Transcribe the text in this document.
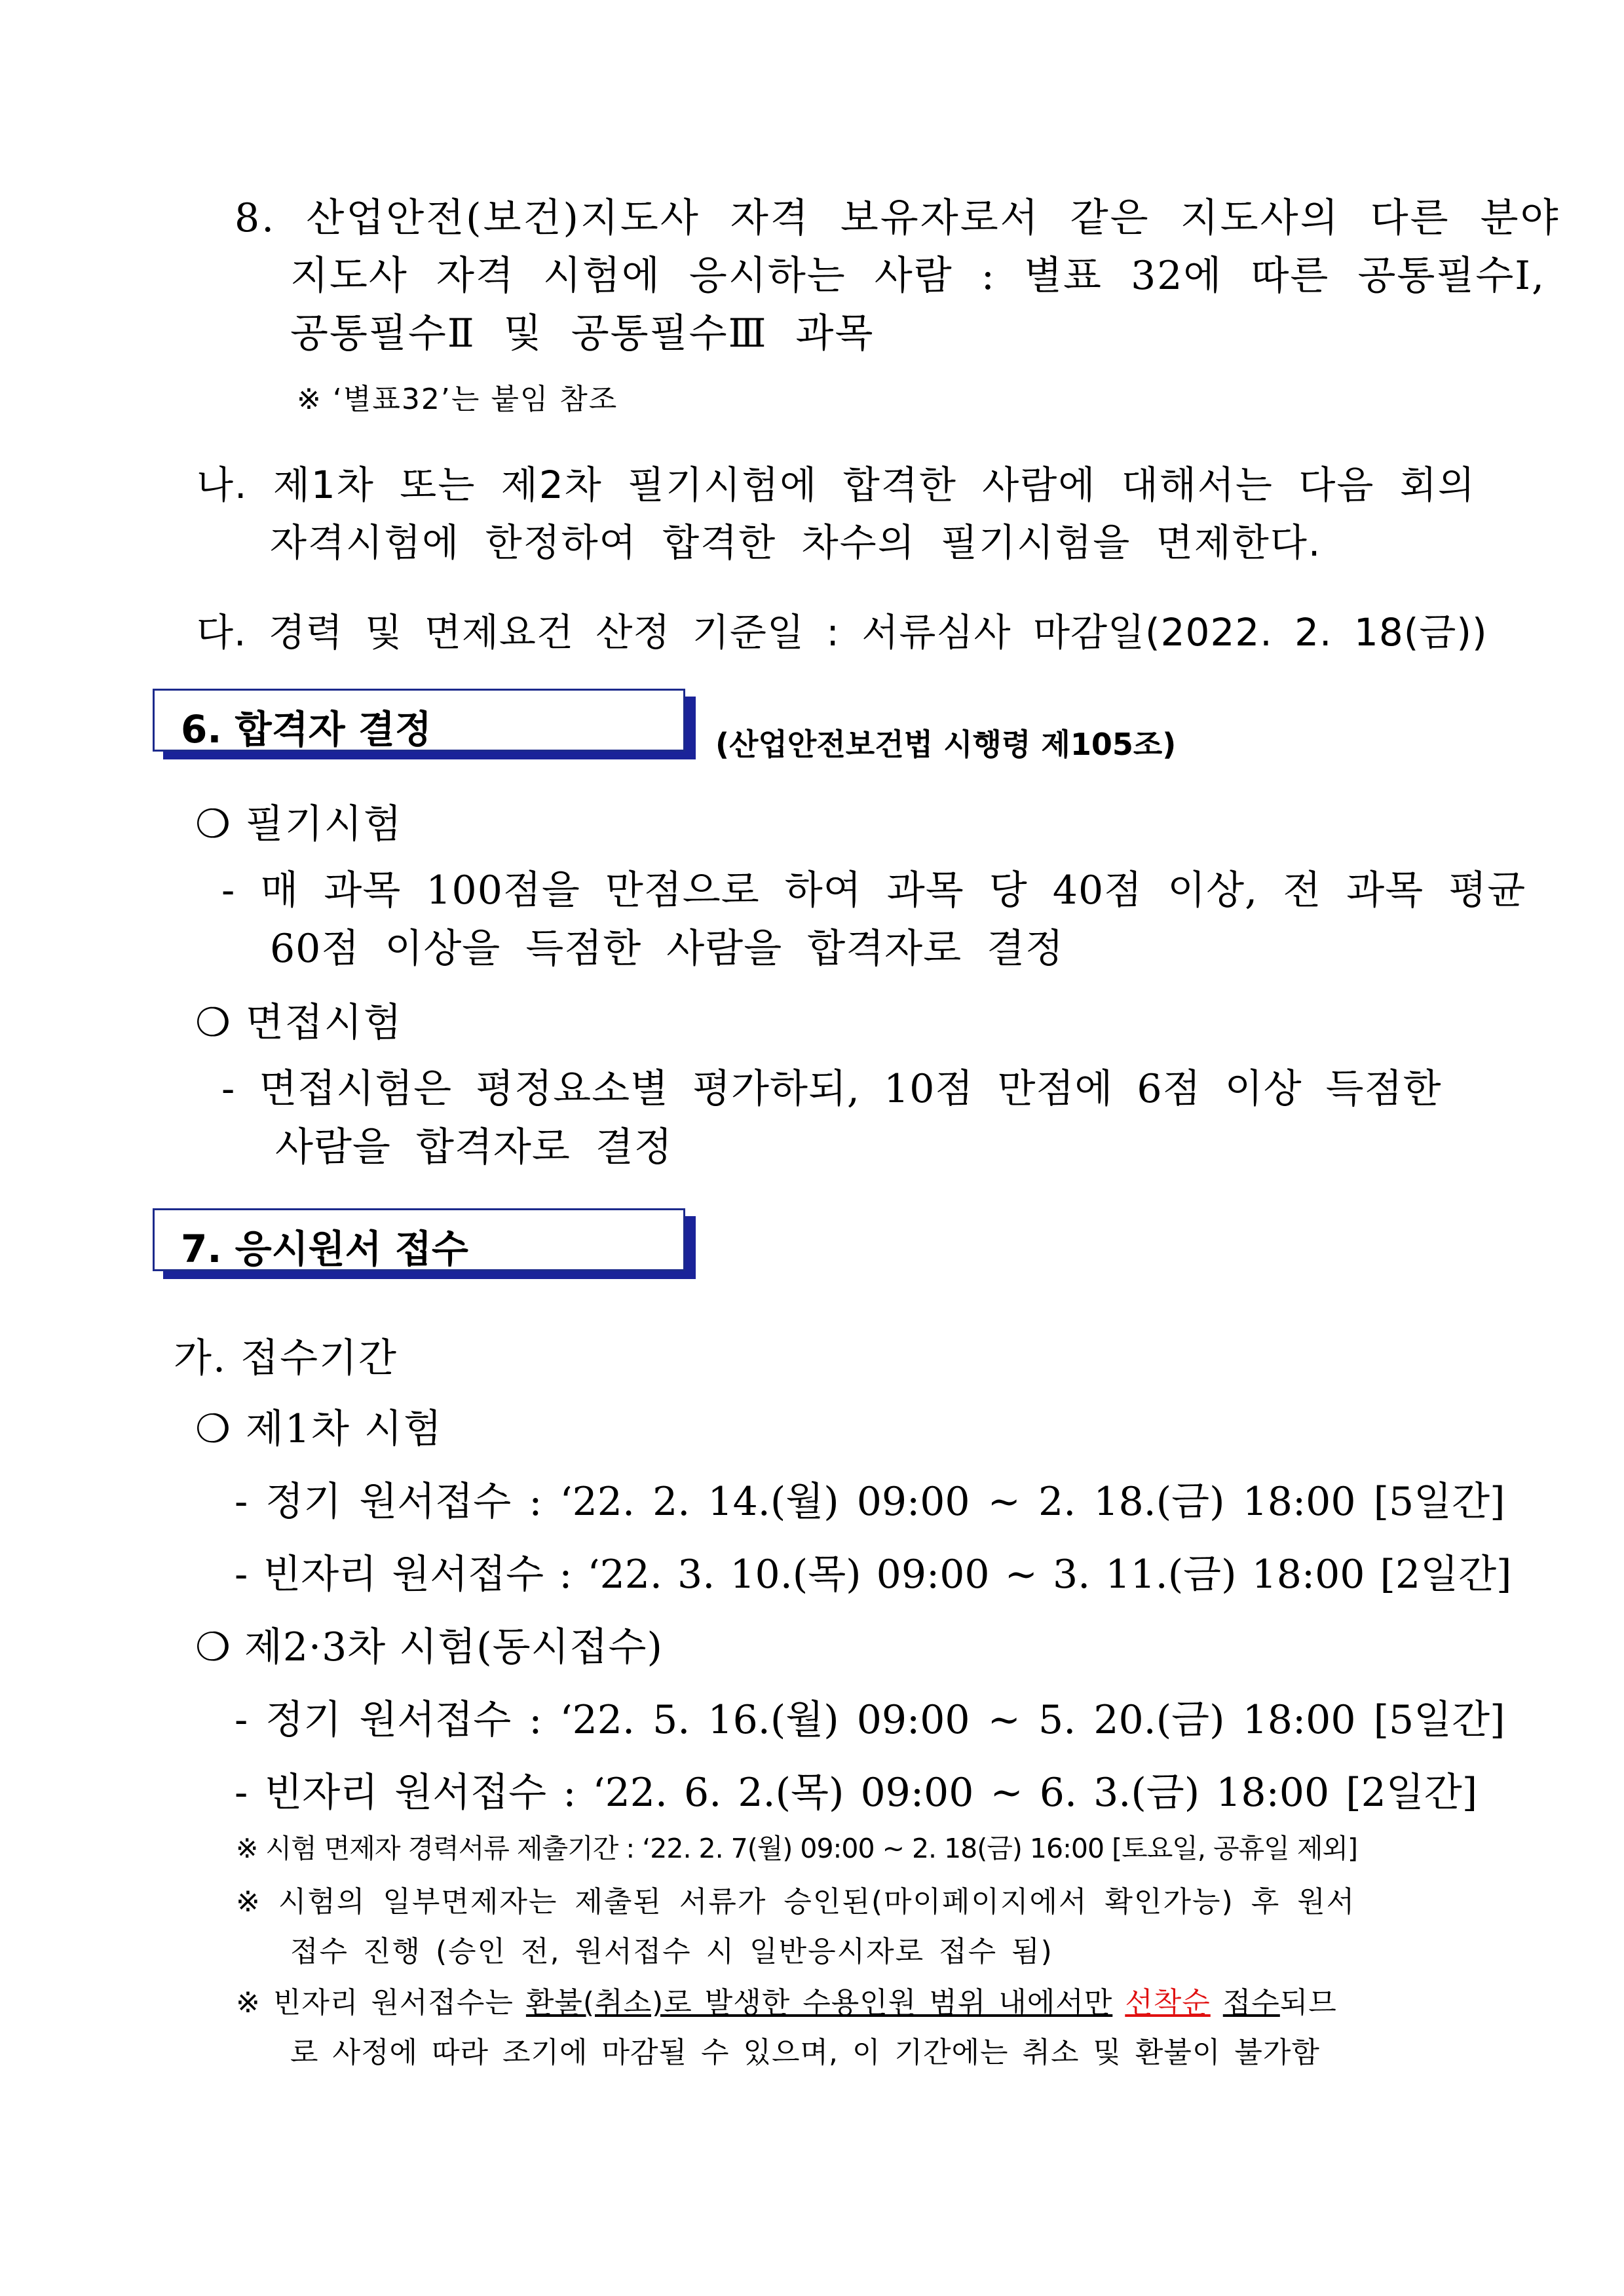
8. 산업안전(보건)지도사 자격 보유자로서 같은 지도사의 다른 분야
지도사 자격 시험에 응시하는 사람 : 별표 32에 따른 공통필수Ⅰ,
공통필수Ⅱ 및 공통필수Ⅲ 과목
※ ‘별표32’는 붙임 참조
나. 제1차 또는 제2차 필기시험에 합격한 사람에 대해서는 다음 회의
자격시험에 한정하여 합격한 차수의 필기시험을 면제한다.
다. 경력 및 면제요건 산정 기준일 : 서류심사 마감일(2022. 2. 18(금))
6. 합격자 결정	(산업안전보건법 시행령 제105조)
❍ 필기시험
- 매 과목 100점을 만점으로 하여 과목 당 40점 이상, 전 과목 평균
60점 이상을 득점한 사람을 합격자로 결정
❍ 면접시험
- 면접시험은 평정요소별 평가하되, 10점 만점에 6점 이상 득점한
사람을 합격자로 결정
7. 응시원서 접수
가. 접수기간
❍ 제1차 시험
- 정기 원서접수 : ‘22. 2. 14.(월) 09:00 ~ 2. 18.(금) 18:00 [5일간]
- 빈자리 원서접수 : ‘22. 3. 10.(목) 09:00 ~ 3. 11.(금) 18:00 [2일간]
❍ 제2·3차 시험(동시접수)
- 정기 원서접수 : ‘22. 5. 16.(월) 09:00 ~ 5. 20.(금) 18:00 [5일간]
- 빈자리 원서접수 : ‘22. 6. 2.(목) 09:00 ~ 6. 3.(금) 18:00 [2일간]
※ 시험 면제자 경력서류 제출기간 : ‘22. 2. 7(월) 09:00 ~ 2. 18(금) 16:00 [토요일, 공휴일 제외]
※ 시험의 일부면제자는 제출된 서류가 승인된(마이페이지에서 확인가능) 후 원서
접수 진행 (승인 전, 원서접수 시 일반응시자로 접수 됨)
※ 빈자리 원서접수는 환불(취소)로 발생한 수용인원 범위 내에서만 선착순 접수되므
로 사정에 따라 조기에 마감될 수 있으며, 이 기간에는 취소 및 환불이 불가함
